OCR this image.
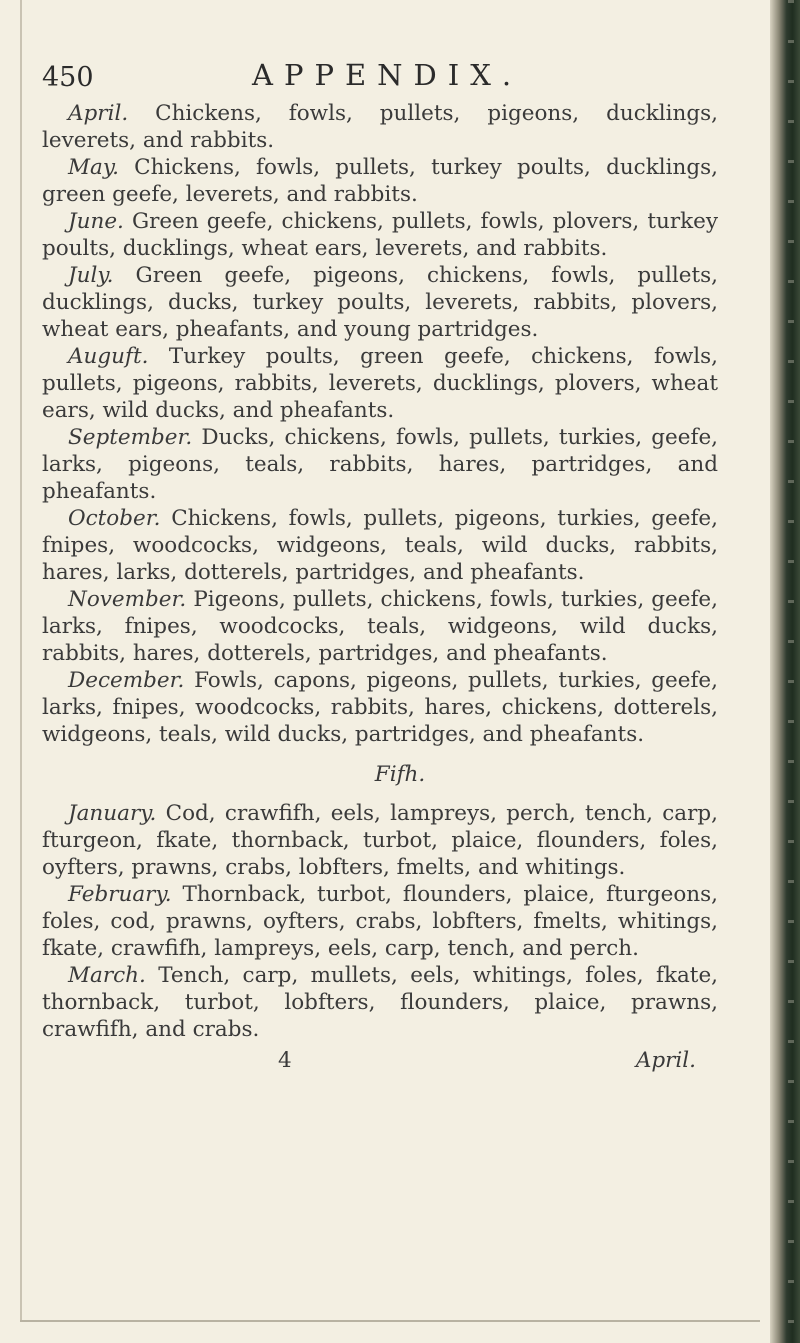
450	APPENDIX.

April. Chickens, fowls, pullets, pigeons, ducklings, leverets, and rabbits.

May. Chickens, fowls, pullets, turkey poults, ducklings, green geefe, leverets, and rabbits.

June. Green geefe, chickens, pullets, fowls, plovers, turkey poults, ducklings, wheat ears, leverets, and rabbits.

July. Green geefe, pigeons, chickens, fowls, pullets, ducklings, ducks, turkey poults, leverets, rabbits, plovers, wheat ears, pheafants, and young partridges.

Auguft. Turkey poults, green geefe, chickens, fowls, pullets, pigeons, rabbits, leverets, ducklings, plovers, wheat ears, wild ducks, and pheafants.

September. Ducks, chickens, fowls, pullets, turkies, geefe, larks, pigeons, teals, rabbits, hares, partridges, and pheafants.

October. Chickens, fowls, pullets, pigeons, turkies, geefe, fnipes, woodcocks, widgeons, teals, wild ducks, rabbits, hares, larks, dotterels, partridges, and pheafants.

November. Pigeons, pullets, chickens, fowls, turkies, geefe, larks, fnipes, woodcocks, teals, widgeons, wild ducks, rabbits, hares, dotterels, partridges, and pheafants.

December. Fowls, capons, pigeons, pullets, turkies, geefe, larks, fnipes, woodcocks, rabbits, hares, chickens, dotterels, widgeons, teals, wild ducks, partridges, and pheafants.

Fifh.

January. Cod, crawfifh, eels, lampreys, perch, tench, carp, fturgeon, fkate, thornback, turbot, plaice, flounders, foles, oyfters, prawns, crabs, lobfters, fmelts, and whitings.

February. Thornback, turbot, flounders, plaice, fturgeons, foles, cod, prawns, oyfters, crabs, lobfters, fmelts, whitings, fkate, crawfifh, lampreys, eels, carp, tench, and perch.

March. Tench, carp, mullets, eels, whitings, foles, fkate, thornback, turbot, lobfters, flounders, plaice, prawns, crawfifh, and crabs.

4	April.
